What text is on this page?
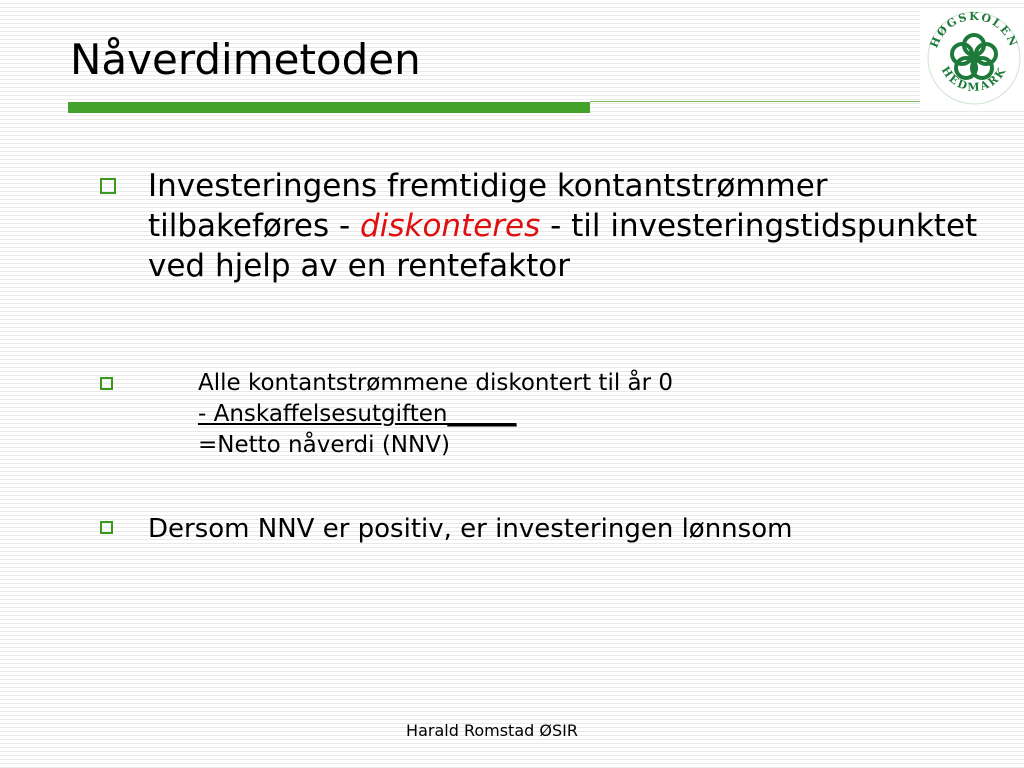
Nåverdimetoden	HØGSKOLEN
HEDMARK

Investeringens fremtidige kontantstrømmer tilbakeføres - diskonteres - til investeringstidspunktet ved hjelp av en rentefaktor

Alle kontantstrømmene diskontert til år 0
- Anskaffelsesutgiften______
=Netto nåverdi (NNV)

Dersom NNV er positiv, er investeringen lønnsom

Harald Romstad ØSIR
